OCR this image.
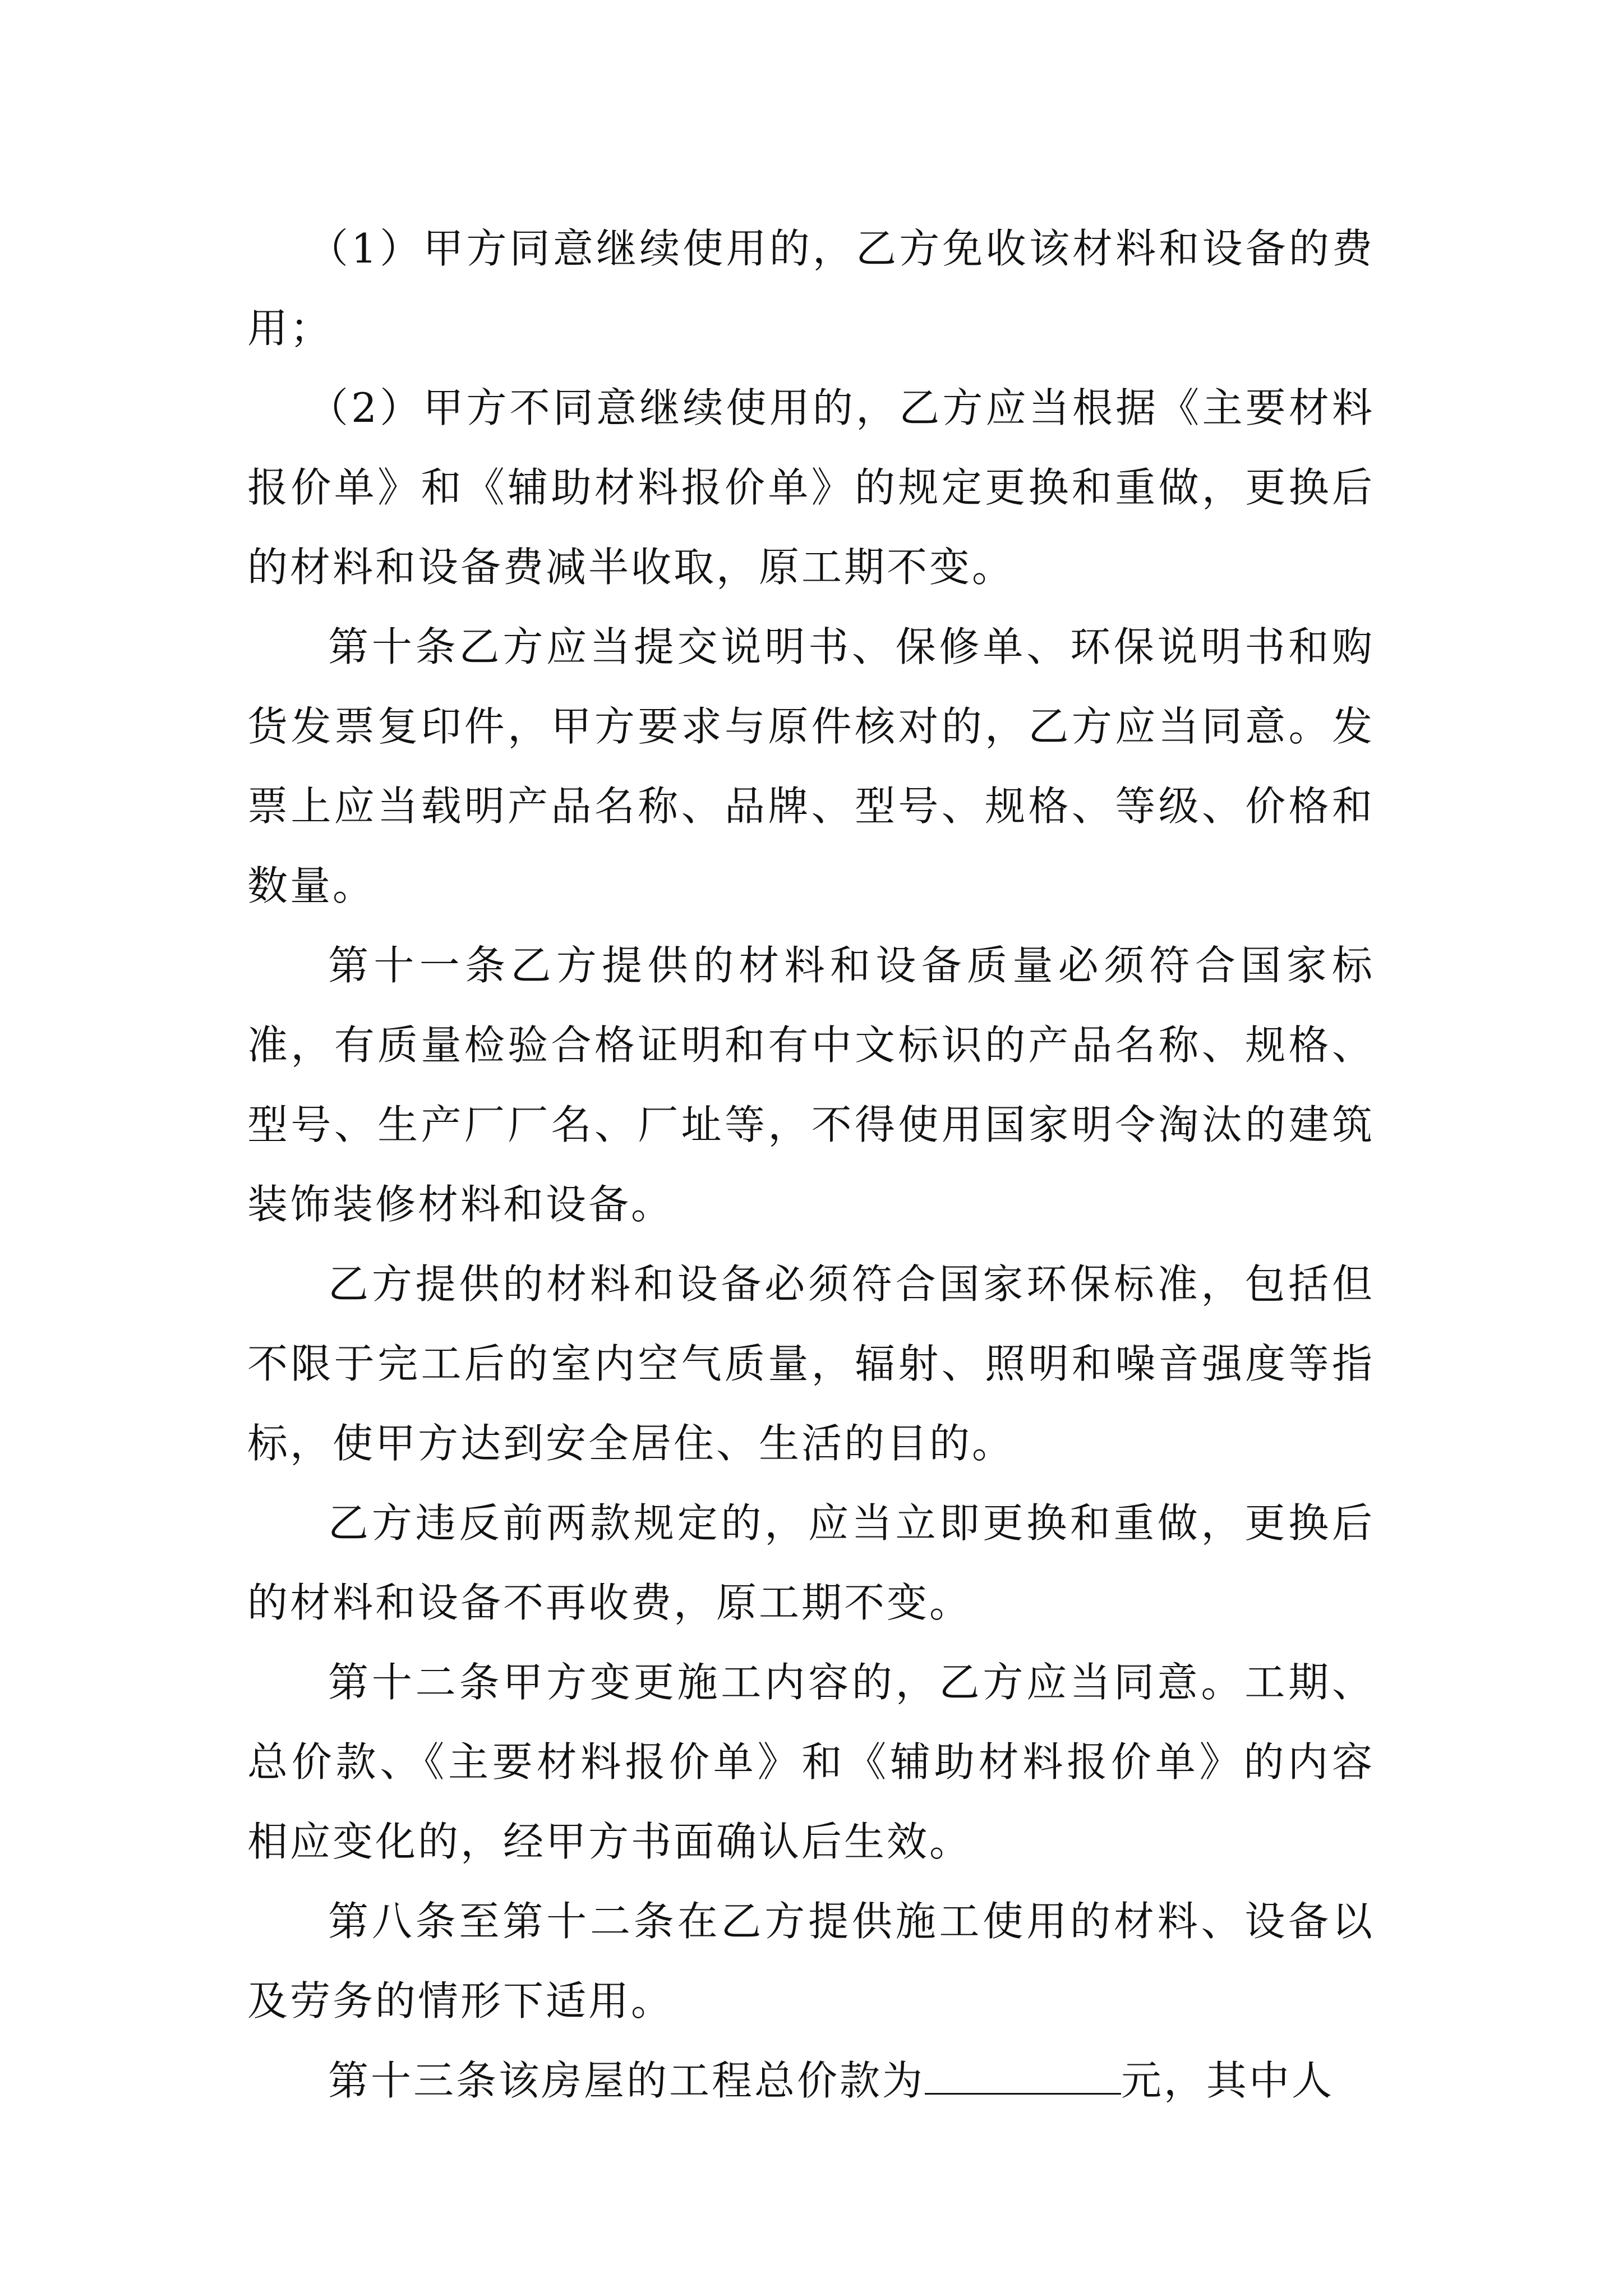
（1）甲方同意继续使用的，乙方免收该材料和设备的费用；

（2）甲方不同意继续使用的，乙方应当根据《主要材料报价单》和《辅助材料报价单》的规定更换和重做，更换后的材料和设备费减半收取，原工期不变。

第十条乙方应当提交说明书、保修单、环保说明书和购货发票复印件，甲方要求与原件核对的，乙方应当同意。发票上应当载明产品名称、品牌、型号、规格、等级、价格和数量。

第十一条乙方提供的材料和设备质量必须符合国家标准，有质量检验合格证明和有中文标识的产品名称、规格、型号、生产厂厂名、厂址等，不得使用国家明令淘汰的建筑装饰装修材料和设备。

乙方提供的材料和设备必须符合国家环保标准，包括但不限于完工后的室内空气质量，辐射、照明和噪音强度等指标，使甲方达到安全居住、生活的目的。

乙方违反前两款规定的，应当立即更换和重做，更换后的材料和设备不再收费，原工期不变。

第十二条甲方变更施工内容的，乙方应当同意。工期、总价款、《主要材料报价单》和《辅助材料报价单》的内容相应变化的，经甲方书面确认后生效。

第八条至第十二条在乙方提供施工使用的材料、设备以及劳务的情形下适用。

第十三条该房屋的工程总价款为	元，其中人
